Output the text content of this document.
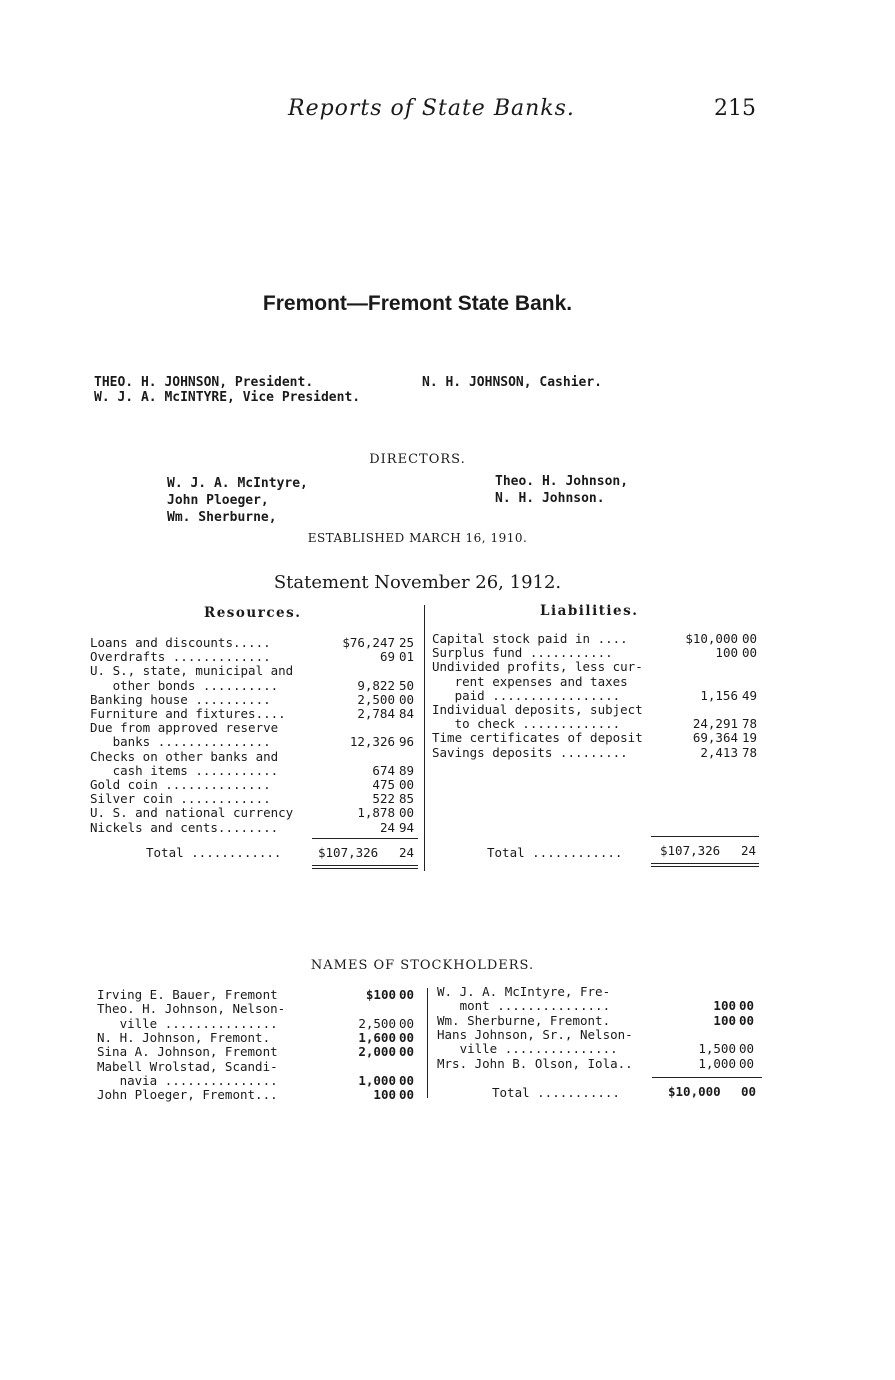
Reports of State Banks.	215
Fremont—Fremont State Bank.
THEO. H. JOHNSON, President.
W. J. A. McINTYRE, Vice President.
N. H. JOHNSON, Cashier.
DIRECTORS.
W. J. A. McIntyre,
John Ploeger,
Wm. Sherburne,
Theo. H. Johnson,
N. H. Johnson.
ESTABLISHED MARCH 16, 1910.
Statement November 26, 1912.
Resources.	Liabilities.
Loans and discounts.....	$76,247 25
Overdrafts .............	69 01
U. S., state, municipal and
other bonds ..........	9,822 50
Banking house ..........	2,500 00
Furniture and fixtures....	2,784 84
Due from approved reserve
banks ...............	12,326 96
Checks on other banks and
cash items ...........	674 89
Gold coin ..............	475 00
Silver coin ............	522 85
U. S. and national currency	1,878 00
Nickels and cents........	24 94
Total ............	$107,326 24
Capital stock paid in ....	$10,000 00
Surplus fund ...........	100 00
Undivided profits, less cur-
rent expenses and taxes
paid .................	1,156 49
Individual deposits, subject
to check .............	24,291 78
Time certificates of deposit	69,364 19
Savings deposits .........	2,413 78
Total ............	$107,326 24
NAMES OF STOCKHOLDERS.
Irving E. Bauer, Fremont	$100 00
Theo. H. Johnson, Nelson-
ville ...............	2,500 00
N. H. Johnson, Fremont.	1,600 00
Sina A. Johnson, Fremont	2,000 00
Mabell Wrolstad, Scandi-
navia ...............	1,000 00
John Ploeger, Fremont...	100 00
W. J. A. McIntyre, Fre-
mont ...............	100 00
Wm. Sherburne, Fremont.	100 00
Hans Johnson, Sr., Nelson-
ville ...............	1,500 00
Mrs. John B. Olson, Iola..	1,000 00
Total ...........	$10,000 00
